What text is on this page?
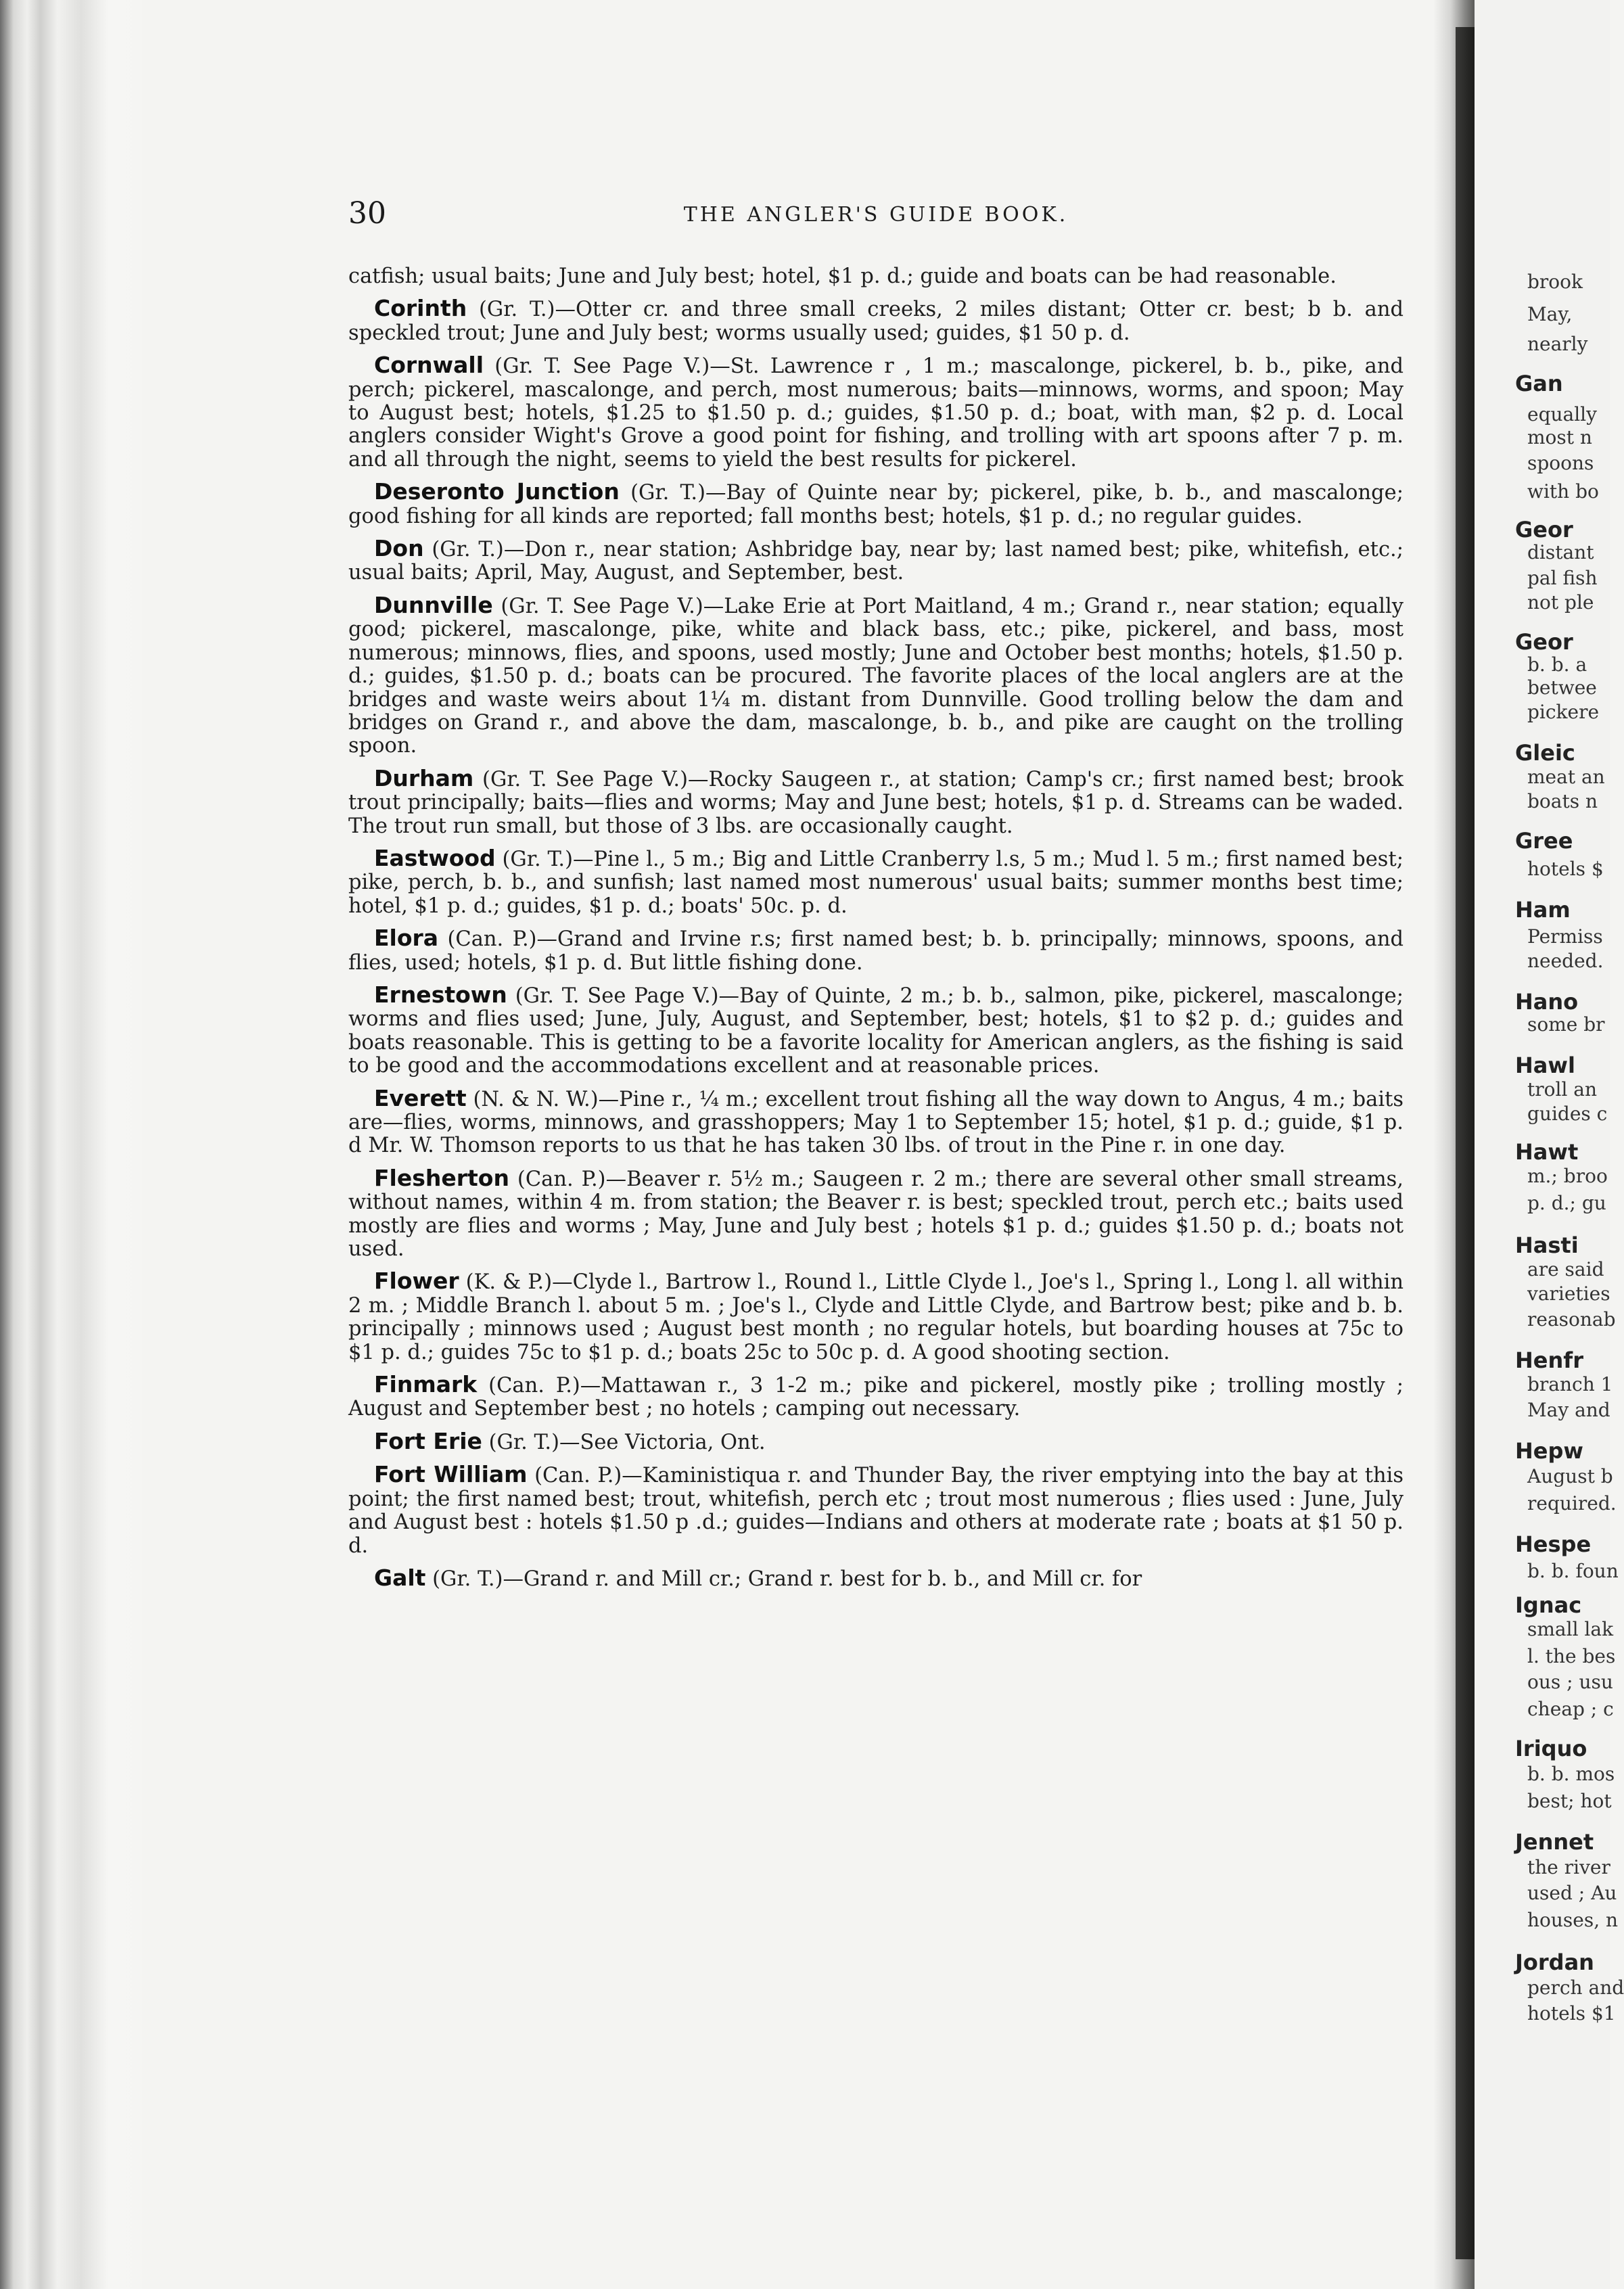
30	THE ANGLER'S GUIDE BOOK.

catfish; usual baits; June and July best; hotel, $1 p. d.; guide and boats can be had reasonable.

Corinth (Gr. T.)—Otter cr. and three small creeks, 2 miles distant; Otter cr. best; b b. and speckled trout; June and July best; worms usually used; guides, $1 50 p. d.

Cornwall (Gr. T. See Page V.)—St. Lawrence r , 1 m.; mascalonge, pickerel, b. b., pike, and perch; pickerel, mascalonge, and perch, most numerous; baits—minnows, worms, and spoon; May to August best; hotels, $1.25 to $1.50 p. d.; guides, $1.50 p. d.; boat, with man, $2 p. d. Local anglers consider Wight's Grove a good point for fishing, and trolling with art spoons after 7 p. m. and all through the night, seems to yield the best results for pickerel.

Deseronto Junction (Gr. T.)—Bay of Quinte near by; pickerel, pike, b. b., and mascalonge; good fishing for all kinds are reported; fall months best; hotels, $1 p. d.; no regular guides.

Don (Gr. T.)—Don r., near station; Ashbridge bay, near by; last named best; pike, whitefish, etc.; usual baits; April, May, August, and September, best.

Dunnville (Gr. T. See Page V.)—Lake Erie at Port Maitland, 4 m.; Grand r., near station; equally good; pickerel, mascalonge, pike, white and black bass, etc.; pike, pickerel, and bass, most numerous; minnows, flies, and spoons, used mostly; June and October best months; hotels, $1.50 p. d.; guides, $1.50 p. d.; boats can be procured. The favorite places of the local anglers are at the bridges and waste weirs about 1¼ m. distant from Dunnville. Good trolling below the dam and bridges on Grand r., and above the dam, mascalonge, b. b., and pike are caught on the trolling spoon.

Durham (Gr. T. See Page V.)—Rocky Saugeen r., at station; Camp's cr.; first named best; brook trout principally; baits—flies and worms; May and June best; hotels, $1 p. d. Streams can be waded. The trout run small, but those of 3 lbs. are occasionally caught.

Eastwood (Gr. T.)—Pine l., 5 m.; Big and Little Cranberry l.s, 5 m.; Mud l. 5 m.; first named best; pike, perch, b. b., and sunfish; last named most numerous' usual baits; summer months best time; hotel, $1 p. d.; guides, $1 p. d.; boats' 50c. p. d.

Elora (Can. P.)—Grand and Irvine r.s; first named best; b. b. principally; minnows, spoons, and flies, used; hotels, $1 p. d. But little fishing done.

Ernestown (Gr. T. See Page V.)—Bay of Quinte, 2 m.; b. b., salmon, pike, pickerel, mascalonge; worms and flies used; June, July, August, and September, best; hotels, $1 to $2 p. d.; guides and boats reasonable. This is getting to be a favorite locality for American anglers, as the fishing is said to be good and the accommodations excellent and at reasonable prices.

Everett (N. & N. W.)—Pine r., ¼ m.; excellent trout fishing all the way down to Angus, 4 m.; baits are—flies, worms, minnows, and grasshoppers; May 1 to September 15; hotel, $1 p. d.; guide, $1 p. d Mr. W. Thomson reports to us that he has taken 30 lbs. of trout in the Pine r. in one day.

Flesherton (Can. P.)—Beaver r. 5½ m.; Saugeen r. 2 m.; there are several other small streams, without names, within 4 m. from station; the Beaver r. is best; speckled trout, perch etc.; baits used mostly are flies and worms ; May, June and July best ; hotels $1 p. d.; guides $1.50 p. d.; boats not used.

Flower (K. & P.)—Clyde l., Bartrow l., Round l., Little Clyde l., Joe's l., Spring l., Long l. all within 2 m. ; Middle Branch l. about 5 m. ; Joe's l., Clyde and Little Clyde, and Bartrow best; pike and b. b. principally ; minnows used ; August best month ; no regular hotels, but boarding houses at 75c to $1 p. d.; guides 75c to $1 p. d.; boats 25c to 50c p. d. A good shooting section.

Finmark (Can. P.)—Mattawan r., 3 1-2 m.; pike and pickerel, mostly pike ; trolling mostly ; August and September best ; no hotels ; camping out necessary.

Fort Erie (Gr. T.)—See Victoria, Ont.

Fort William (Can. P.)—Kaministiqua r. and Thunder Bay, the river emptying into the bay at this point; the first named best; trout, whitefish, perch etc ; trout most numerous ; flies used : June, July and August best : hotels $1.50 p .d.; guides—Indians and others at moderate rate ; boats at $1 50 p. d.

Galt (Gr. T.)—Grand r. and Mill cr.; Grand r. best for b. b., and Mill cr. for

brook
May,
nearly
Gan
equally
most n
spoons
with bo
Geor
distant
pal fish
not ple
Geor
b. b. a
betwee
pickere
Gleic
meat an
boats n
Gree
hotels $
Ham
Permiss
needed.
Hano
some br
Hawl
troll an
guides c
Hawt
m.; broo
p. d.; gu
Hasti
are said
varieties
reasonab
Henfr
branch 1
May and
Hepw
August b
required.
Hespe
b. b. foun
Ignac
small lak
l. the bes
ous ; usu
cheap ; c
Iriquo
b. b. mos
best; hot
Jennet
the river
used ; Au
houses, n
Jordan
perch and
hotels $1
